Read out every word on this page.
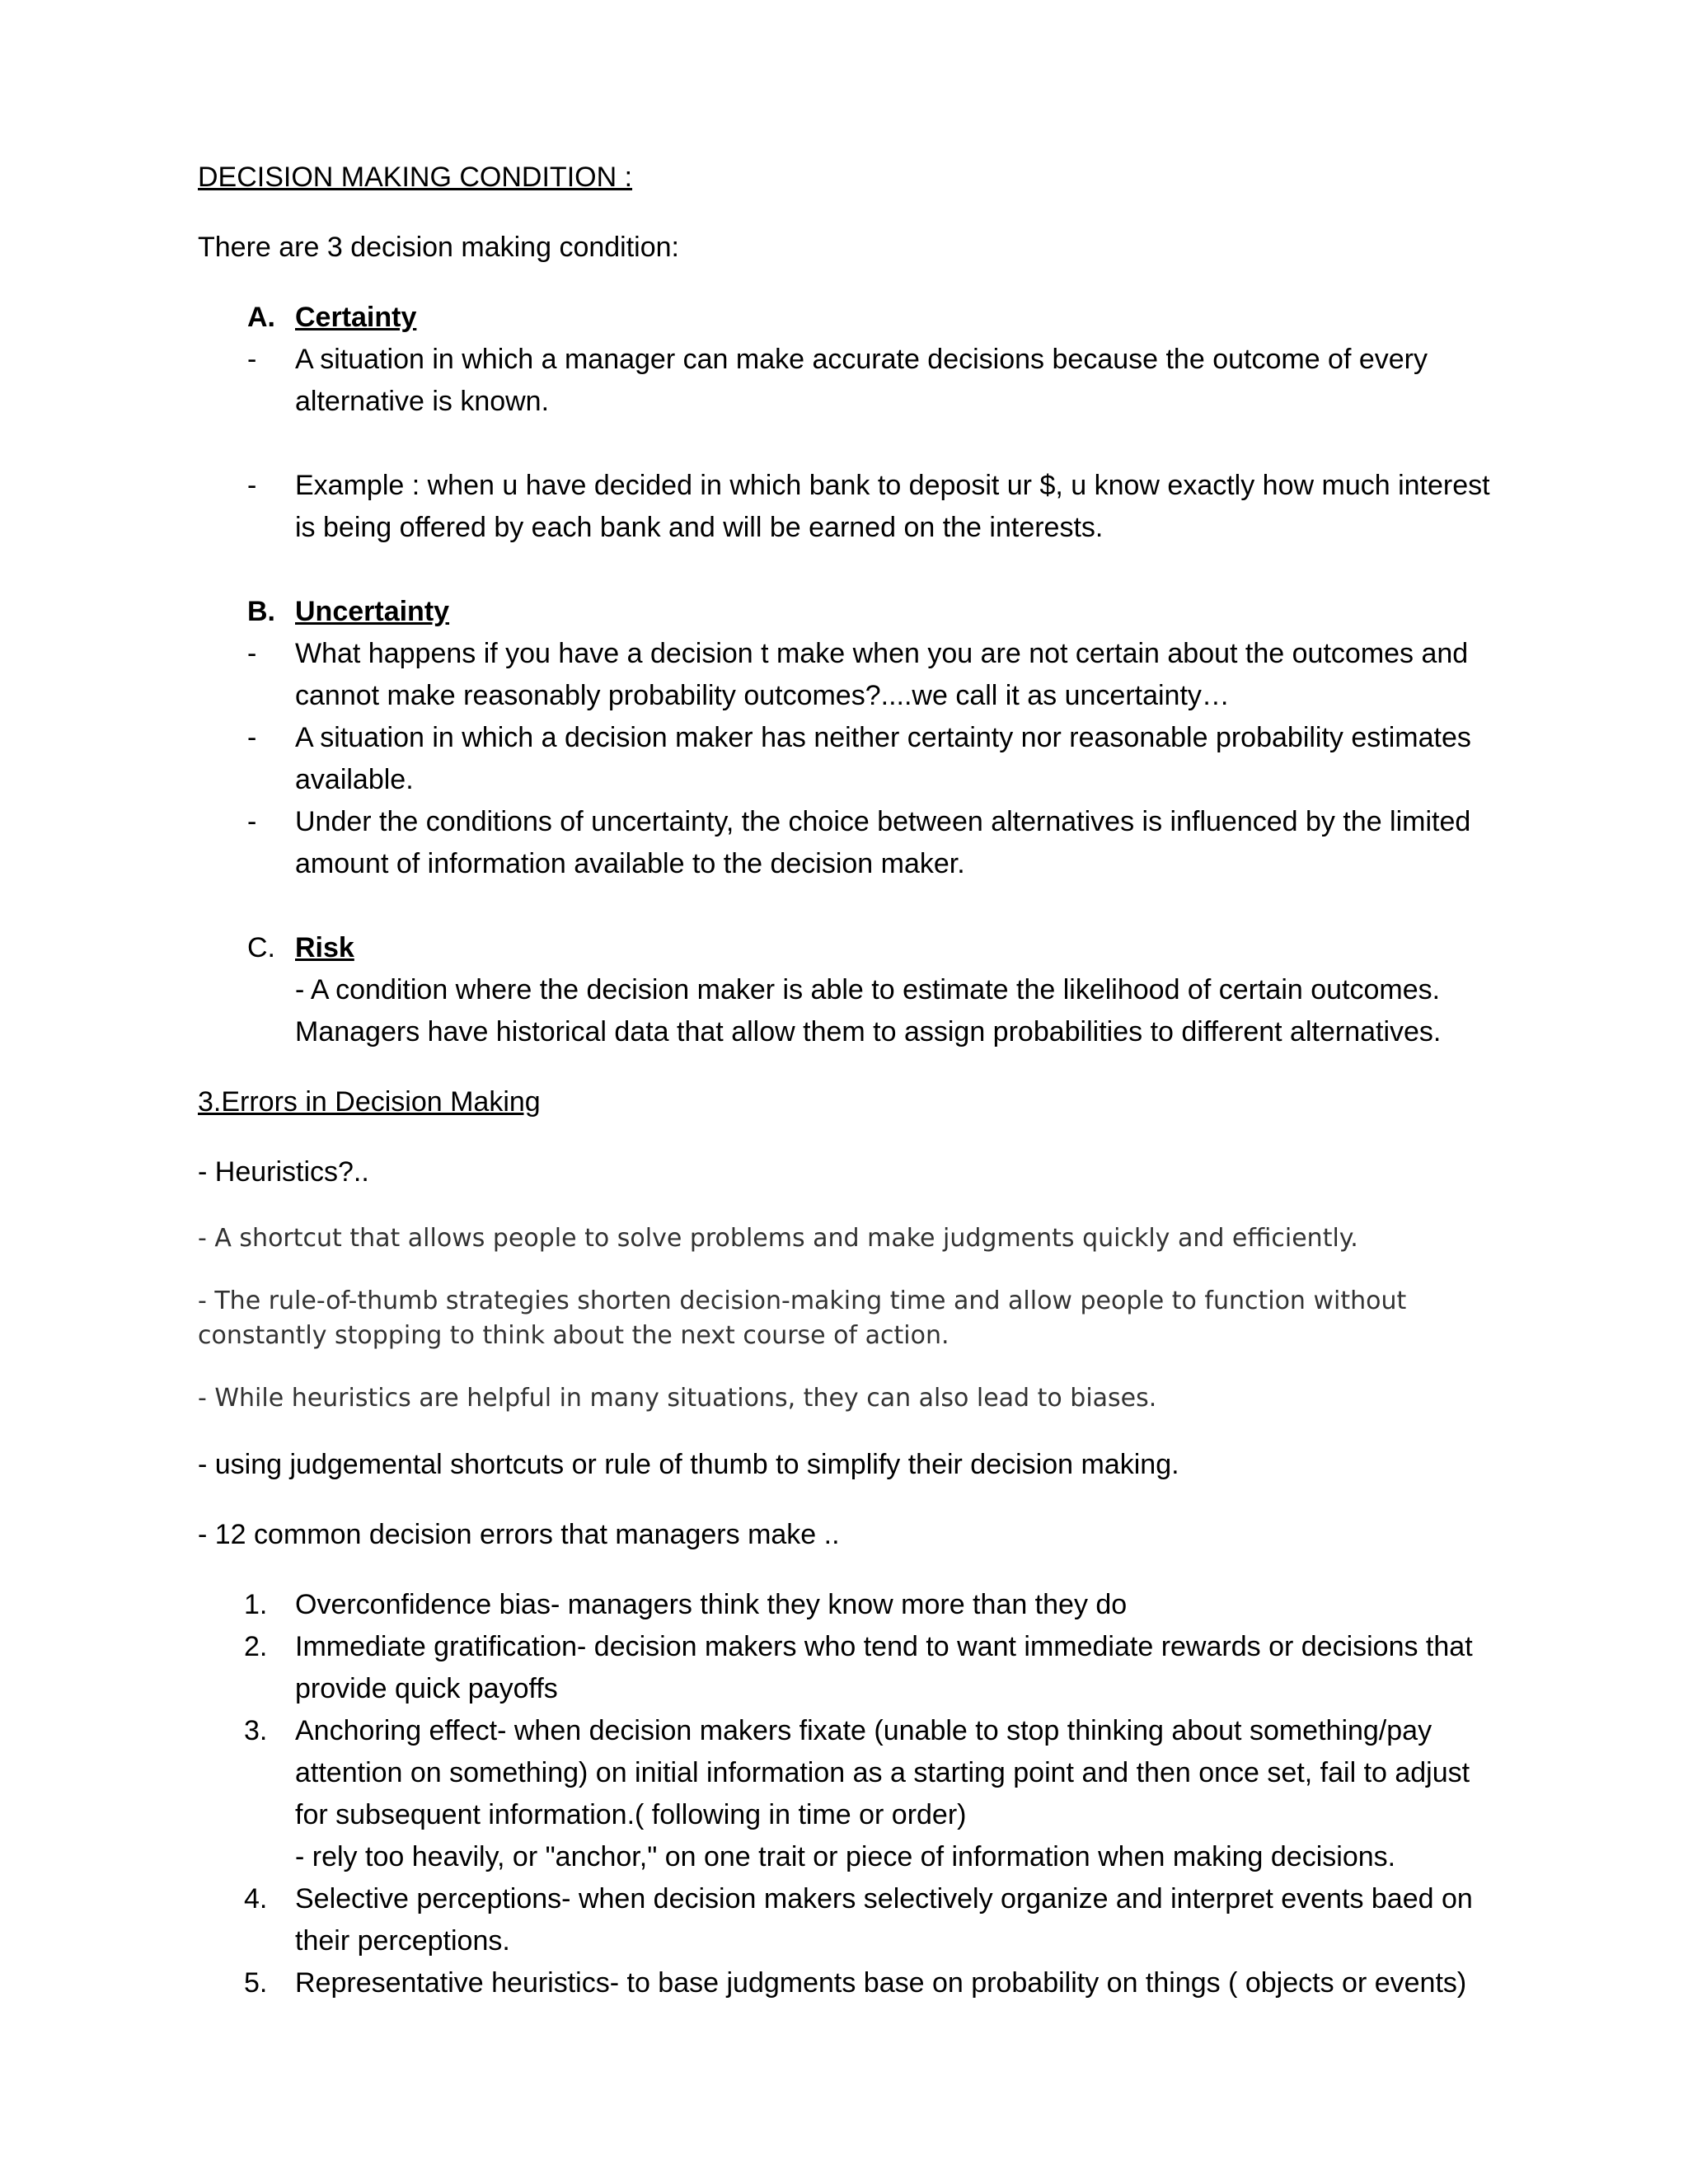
DECISION MAKING CONDITION :
There are 3 decision making condition:
A. Certainty
- A situation in which a manager can make accurate decisions because the outcome of every alternative is known.
- Example : when u have decided in which bank to deposit ur $, u know exactly how much interest is being offered by each bank and will be earned on the interests.
B. Uncertainty
- What happens if you have a decision t make when you are not certain about the outcomes and cannot make reasonably probability outcomes?....we call it as uncertainty…
- A situation in which a decision maker has neither certainty nor reasonable probability estimates available.
- Under the conditions of uncertainty, the choice between alternatives is influenced by the limited amount of information available to the decision maker.
C. Risk
- A condition where the decision maker is able to estimate the likelihood of certain outcomes. Managers have historical data that allow them to assign probabilities to different alternatives.
3.Errors in Decision Making
- Heuristics?..
- A shortcut that allows people to solve problems and make judgments quickly and efficiently.
- The rule-of-thumb strategies shorten decision-making time and allow people to function without constantly stopping to think about the next course of action.
- While heuristics are helpful in many situations, they can also lead to biases.
- using judgemental shortcuts or rule of thumb to simplify their decision making.
- 12 common decision errors that managers make ..
1. Overconfidence bias- managers think they know more than they do
2. Immediate gratification- decision makers who tend to want immediate rewards or decisions that provide quick payoffs
3. Anchoring effect- when decision makers fixate (unable to stop thinking about something/pay attention on something) on initial information as a starting point and then once set, fail to adjust for subsequent information.( following in time or order)
- rely too heavily, or "anchor," on one trait or piece of information when making decisions.
4. Selective perceptions- when decision makers selectively organize and interpret events baed on their perceptions.
5. Representative heuristics- to base judgments base on probability on things ( objects or events)
